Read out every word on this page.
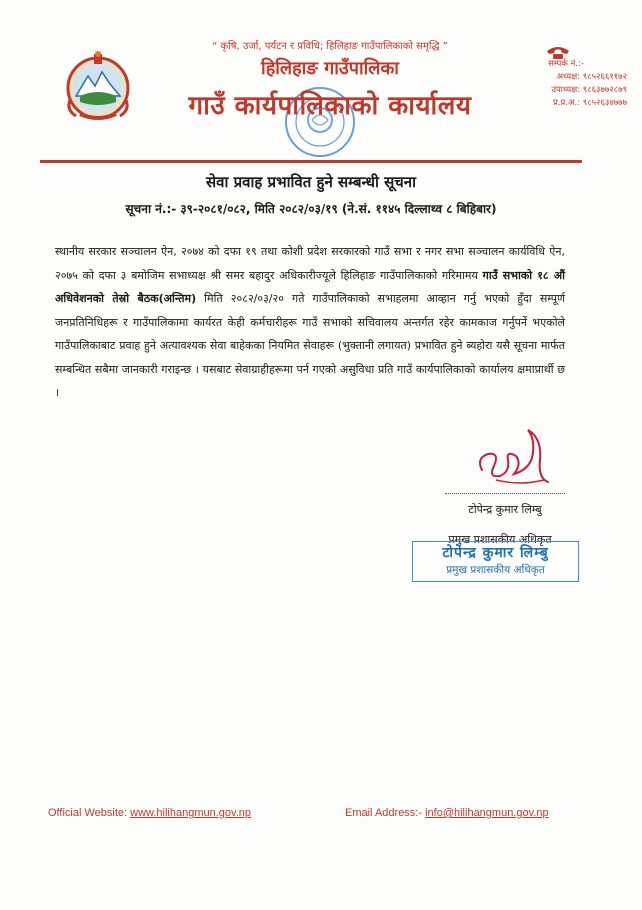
“ कृषि, उर्जा, पर्यटन र प्रविधि; हिलिहाङ गाउँपालिकाको समृद्धि ”
हिलिहाङ गाउँपालिका
गाउँ कार्यपालिकाको कार्यालय
सम्पर्क नं.:-
अध्यक्ष: ९८५२६६११७२
उपाध्यक्ष: ९८६३७७२८७९
प्र.प्र.अ.: ९८५२६३४७७७
सेवा प्रवाह प्रभावित हुने सम्बन्धी सूचना
सूचना नं.:- ३९-२०८१/०८२, मिति २०८२/०३/१९ (ने.सं. ११४५ दिल्लाथ्व ८ बिहिबार)
स्थानीय सरकार सञ्चालन ऐन, २०७४ को दफा १९ तथा कोशी प्रदेश सरकारको गाउँ सभा र नगर सभा सञ्चालन कार्यविधि ऐन, २०७५ को दफा ३ बमोजिम सभाध्यक्ष श्री समर बहादुर अधिकारीज्यूले हिलिहाङ गाउँपालिकाको गरिमामय गाउँ सभाको १८ औं अधिवेशनको तेस्रो बैठक(अन्तिम) मिति २०८२/०३/२० गते गाउँपालिकाको सभाहलमा आव्हान गर्नु भएको हुँदा सम्पूर्ण जनप्रतिनिधिहरू र गाउँपालिकामा कार्यरत केही कर्मचारीहरू गाउँ सभाको सचिवालय अन्तर्गत रहेर कामकाज गर्नुपर्ने भएकोले गाउँपालिकाबाट प्रवाह हुने अत्यावश्यक सेवा बाहेकका नियमित सेवाहरू (भुक्तानी लगायत) प्रभावित हुने ब्यहोरा यसै सूचना मार्फत सम्बन्धित सबैमा जानकारी गराइन्छ । यसबाट सेवाग्राहीहरूमा पर्न गएको असुविधा प्रति गाउँ कार्यपालिकाको कार्यालय क्षमाप्रार्थी छ ।
टोपेन्द्र कुमार लिम्बु
प्रमुख प्रशासकीय अधिकृत
टोपेन्द्र कुमार लिम्बु
प्रमुख प्रशासकीय अधिकृत
Official Website: www.hilihangmun.gov.np	Email Address:- info@hilihangmun.gov.np
